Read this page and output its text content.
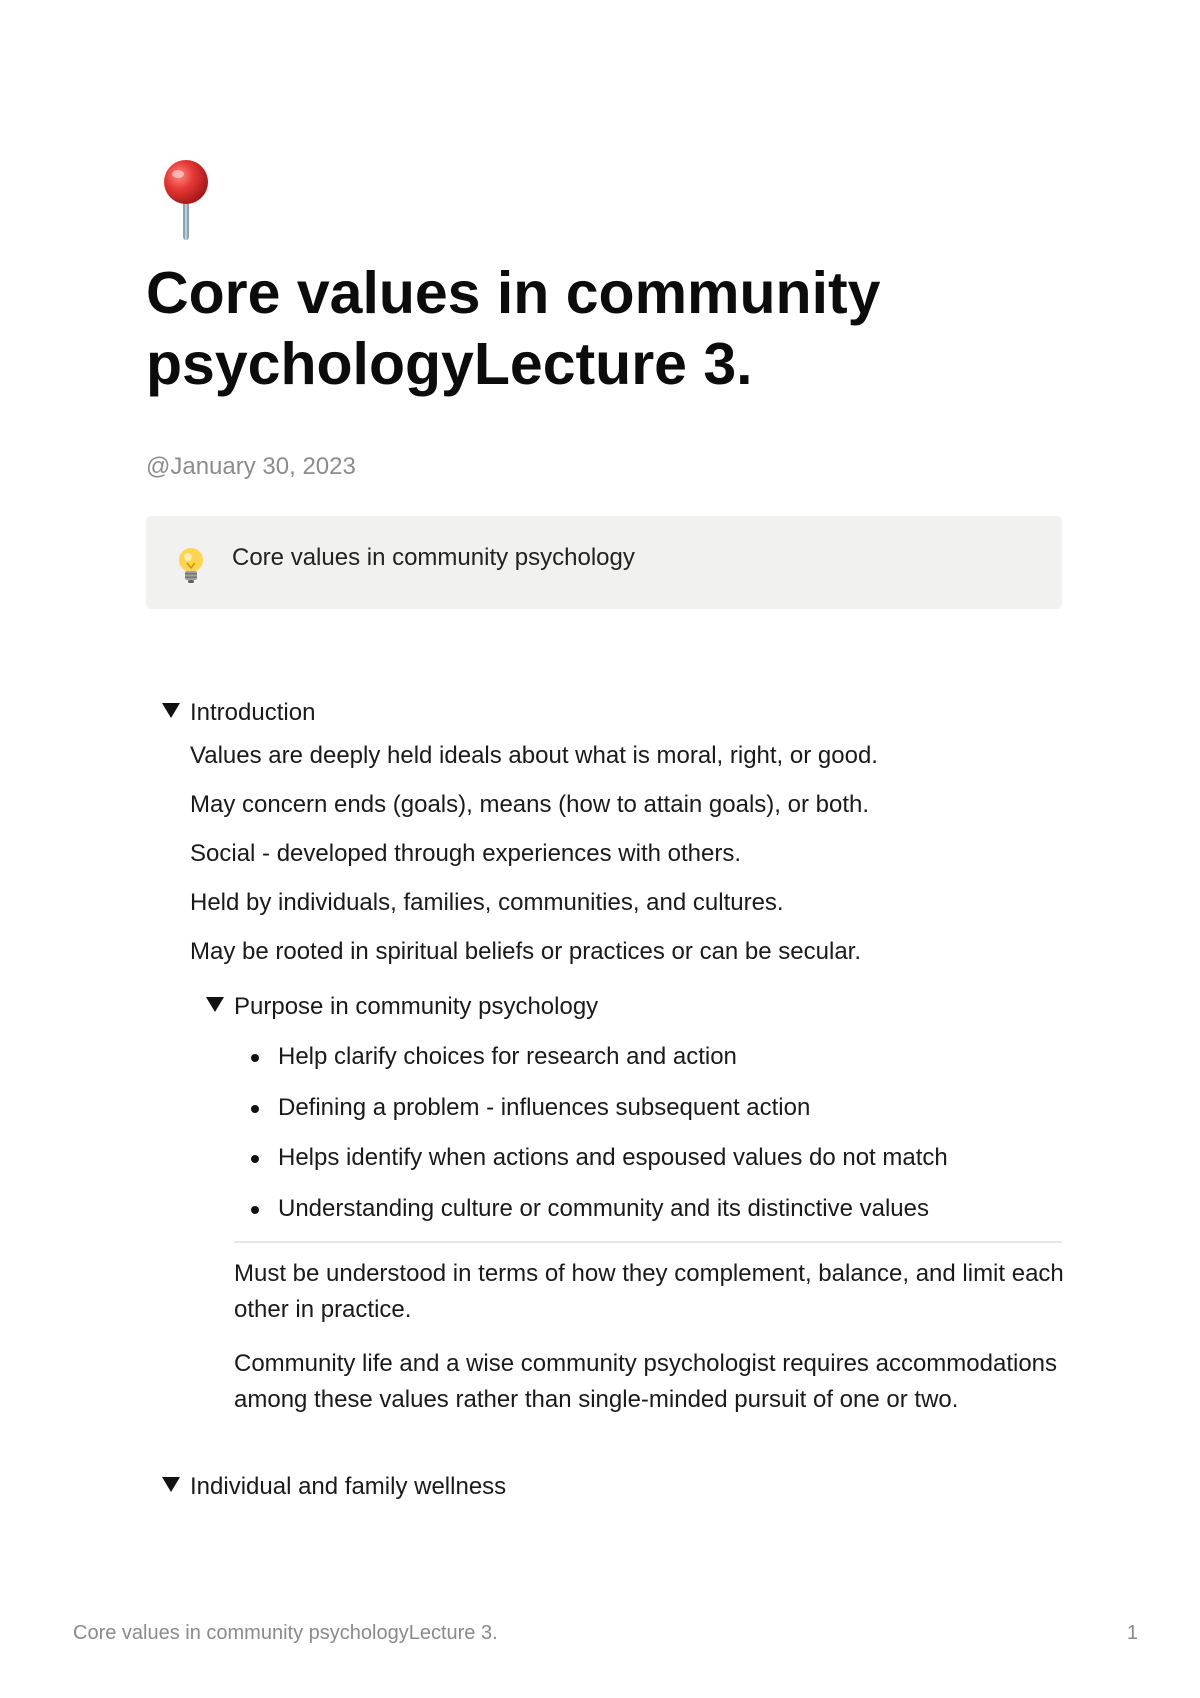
Core values in community psychologyLecture 3.
@January 30, 2023
Core values in community psychology
Introduction

Values are deeply held ideals about what is moral, right, or good.

May concern ends (goals), means (how to attain goals), or both.

Social - developed through experiences with others.

Held by individuals, families, communities, and cultures.

May be rooted in spiritual beliefs or practices or can be secular.

Purpose in community psychology
Help clarify choices for research and action
Defining a problem - influences subsequent action
Helps identify when actions and espoused values do not match
Understanding culture or community and its distinctive values

Must be understood in terms of how they complement, balance, and limit each other in practice.

Community life and a wise community psychologist requires accommodations among these values rather than single-minded pursuit of one or two.

Individual and family wellness
Core values in community psychologyLecture 3.	1
